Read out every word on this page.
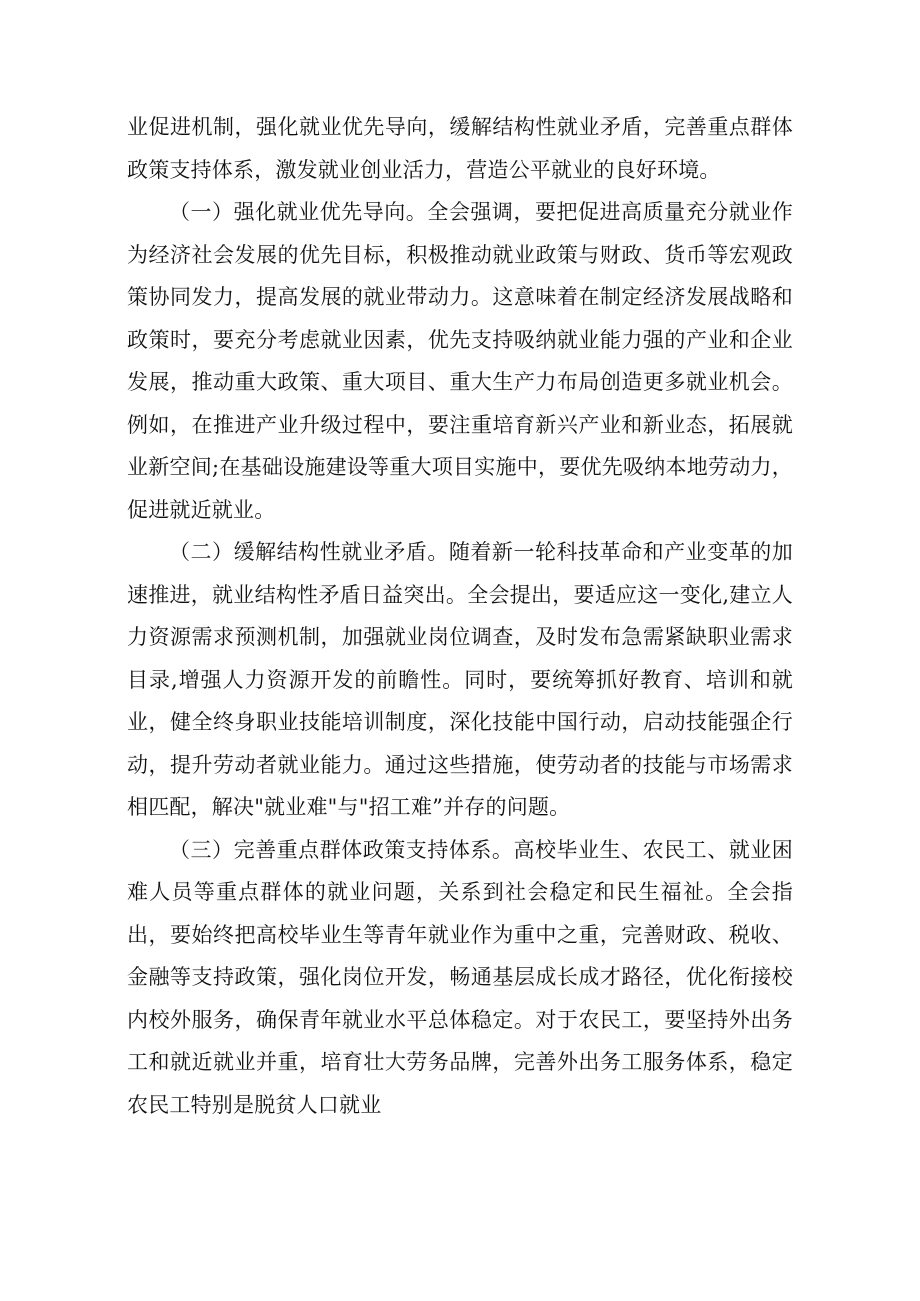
业促进机制，强化就业优先导向，缓解结构性就业矛盾，完善重点群体政策支持体系，激发就业创业活力，营造公平就业的良好环境。

（一）强化就业优先导向。全会强调，要把促进高质量充分就业作为经济社会发展的优先目标，积极推动就业政策与财政、货币等宏观政策协同发力，提高发展的就业带动力。这意味着在制定经济发展战略和政策时，要充分考虑就业因素，优先支持吸纳就业能力强的产业和企业发展，推动重大政策、重大项目、重大生产力布局创造更多就业机会。例如，在推进产业升级过程中，要注重培育新兴产业和新业态，拓展就业新空间;在基础设施建设等重大项目实施中，要优先吸纳本地劳动力，促进就近就业。

（二）缓解结构性就业矛盾。随着新一轮科技革命和产业变革的加速推进，就业结构性矛盾日益突出。全会提出，要适应这一变化,建立人力资源需求预测机制，加强就业岗位调查，及时发布急需紧缺职业需求目录,增强人力资源开发的前瞻性。同时，要统筹抓好教育、培训和就业，健全终身职业技能培训制度，深化技能中国行动，启动技能强企行动，提升劳动者就业能力。通过这些措施，使劳动者的技能与市场需求相匹配，解决"就业难"与"招工难”并存的问题。

（三）完善重点群体政策支持体系。高校毕业生、农民工、就业困难人员等重点群体的就业问题，关系到社会稳定和民生福祉。全会指出，要始终把高校毕业生等青年就业作为重中之重，完善财政、税收、金融等支持政策，强化岗位开发，畅通基层成长成才路径，优化衔接校内校外服务，确保青年就业水平总体稳定。对于农民工，要坚持外出务工和就近就业并重，培育壮大劳务品牌，完善外出务工服务体系，稳定农民工特别是脱贫人口就业
